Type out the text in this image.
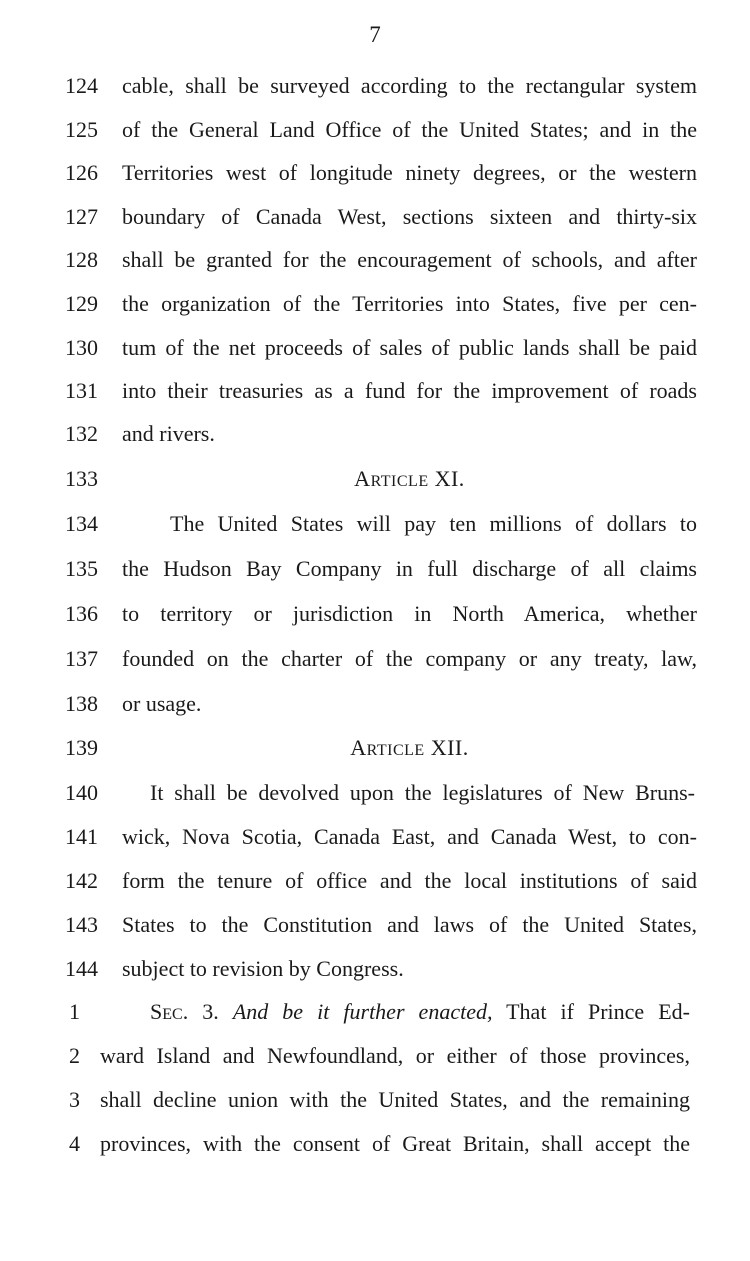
7
124 cable, shall be surveyed according to the rectangular system
125 of the General Land Office of the United States; and in the
126 Territories west of longitude ninety degrees, or the western
127 boundary of Canada West, sections sixteen and thirty-six
128 shall be granted for the encouragement of schools, and after
129 the organization of the Territories into States, five per cen-
130 tum of the net proceeds of sales of public lands shall be paid
131 into their treasuries as a fund for the improvement of roads
132 and rivers.
133	ARTICLE XI.
134	The United States will pay ten millions of dollars to
135 the Hudson Bay Company in full discharge of all claims
136 to territory or jurisdiction in North America, whether
137 founded on the charter of the company or any treaty, law,
138 or usage.
139	ARTICLE XII.
140 It shall be devolved upon the legislatures of New Bruns-
141 wick, Nova Scotia, Canada East, and Canada West, to con-
142 form the tenure of office and the local institutions of said
143 States to the Constitution and laws of the United States,
144 subject to revision by Congress.
1	SEC. 3. And be it further enacted, That if Prince Ed-
2 ward Island and Newfoundland, or either of those provinces,
3 shall decline union with the United States, and the remaining
4 provinces, with the consent of Great Britain, shall accept the
